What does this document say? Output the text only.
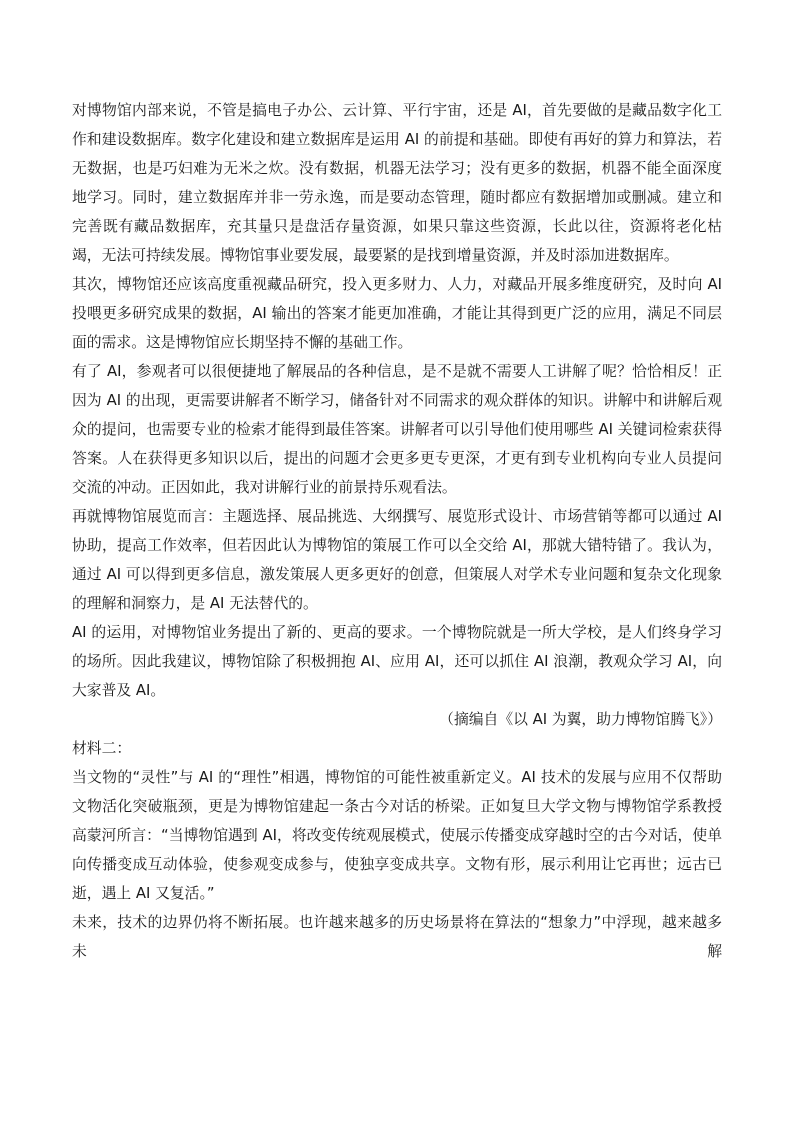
对博物馆内部来说，不管是搞电子办公、云计算、平行宇宙，还是 AI，首先要做的是藏品数字化工作和建设数据库。数字化建设和建立数据库是运用 AI 的前提和基础。即使有再好的算力和算法，若无数据，也是巧妇难为无米之炊。没有数据，机器无法学习；没有更多的数据，机器不能全面深度地学习。同时，建立数据库并非一劳永逸，而是要动态管理，随时都应有数据增加或删减。建立和完善既有藏品数据库，充其量只是盘活存量资源，如果只靠这些资源，长此以往，资源将老化枯竭，无法可持续发展。博物馆事业要发展，最要紧的是找到增量资源，并及时添加进数据库。

其次，博物馆还应该高度重视藏品研究，投入更多财力、人力，对藏品开展多维度研究，及时向 AI 投喂更多研究成果的数据，AI 输出的答案才能更加准确，才能让其得到更广泛的应用，满足不同层面的需求。这是博物馆应长期坚持不懈的基础工作。

有了 AI，参观者可以很便捷地了解展品的各种信息，是不是就不需要人工讲解了呢？恰恰相反！正因为 AI 的出现，更需要讲解者不断学习，储备针对不同需求的观众群体的知识。讲解中和讲解后观众的提问，也需要专业的检索才能得到最佳答案。讲解者可以引导他们使用哪些 AI 关键词检索获得答案。人在获得更多知识以后，提出的问题才会更多更专更深，才更有到专业机构向专业人员提问交流的冲动。正因如此，我对讲解行业的前景持乐观看法。

再就博物馆展览而言：主题选择、展品挑选、大纲撰写、展览形式设计、市场营销等都可以通过 AI 协助，提高工作效率，但若因此认为博物馆的策展工作可以全交给 AI，那就大错特错了。我认为，通过 AI 可以得到更多信息，激发策展人更多更好的创意，但策展人对学术专业问题和复杂文化现象的理解和洞察力，是 AI 无法替代的。

AI 的运用，对博物馆业务提出了新的、更高的要求。一个博物院就是一所大学校，是人们终身学习的场所。因此我建议，博物馆除了积极拥抱 AI、应用 AI，还可以抓住 AI 浪潮，教观众学习 AI，向大家普及 AI。

（摘编自《以 AI 为翼，助力博物馆腾飞》）

材料二：

当文物的“灵性”与 AI 的“理性”相遇，博物馆的可能性被重新定义。AI 技术的发展与应用不仅帮助文物活化突破瓶颈，更是为博物馆建起一条古今对话的桥梁。正如复旦大学文物与博物馆学系教授高蒙河所言：“当博物馆遇到 AI，将改变传统观展模式，使展示传播变成穿越时空的古今对话，使单向传播变成互动体验，使参观变成参与，使独享变成共享。文物有形，展示利用让它再世；远古已逝，遇上 AI 又复活。”

未来，技术的边界仍将不断拓展。也许越来越多的历史场景将在算法的“想象力”中浮现，越来越多未解
